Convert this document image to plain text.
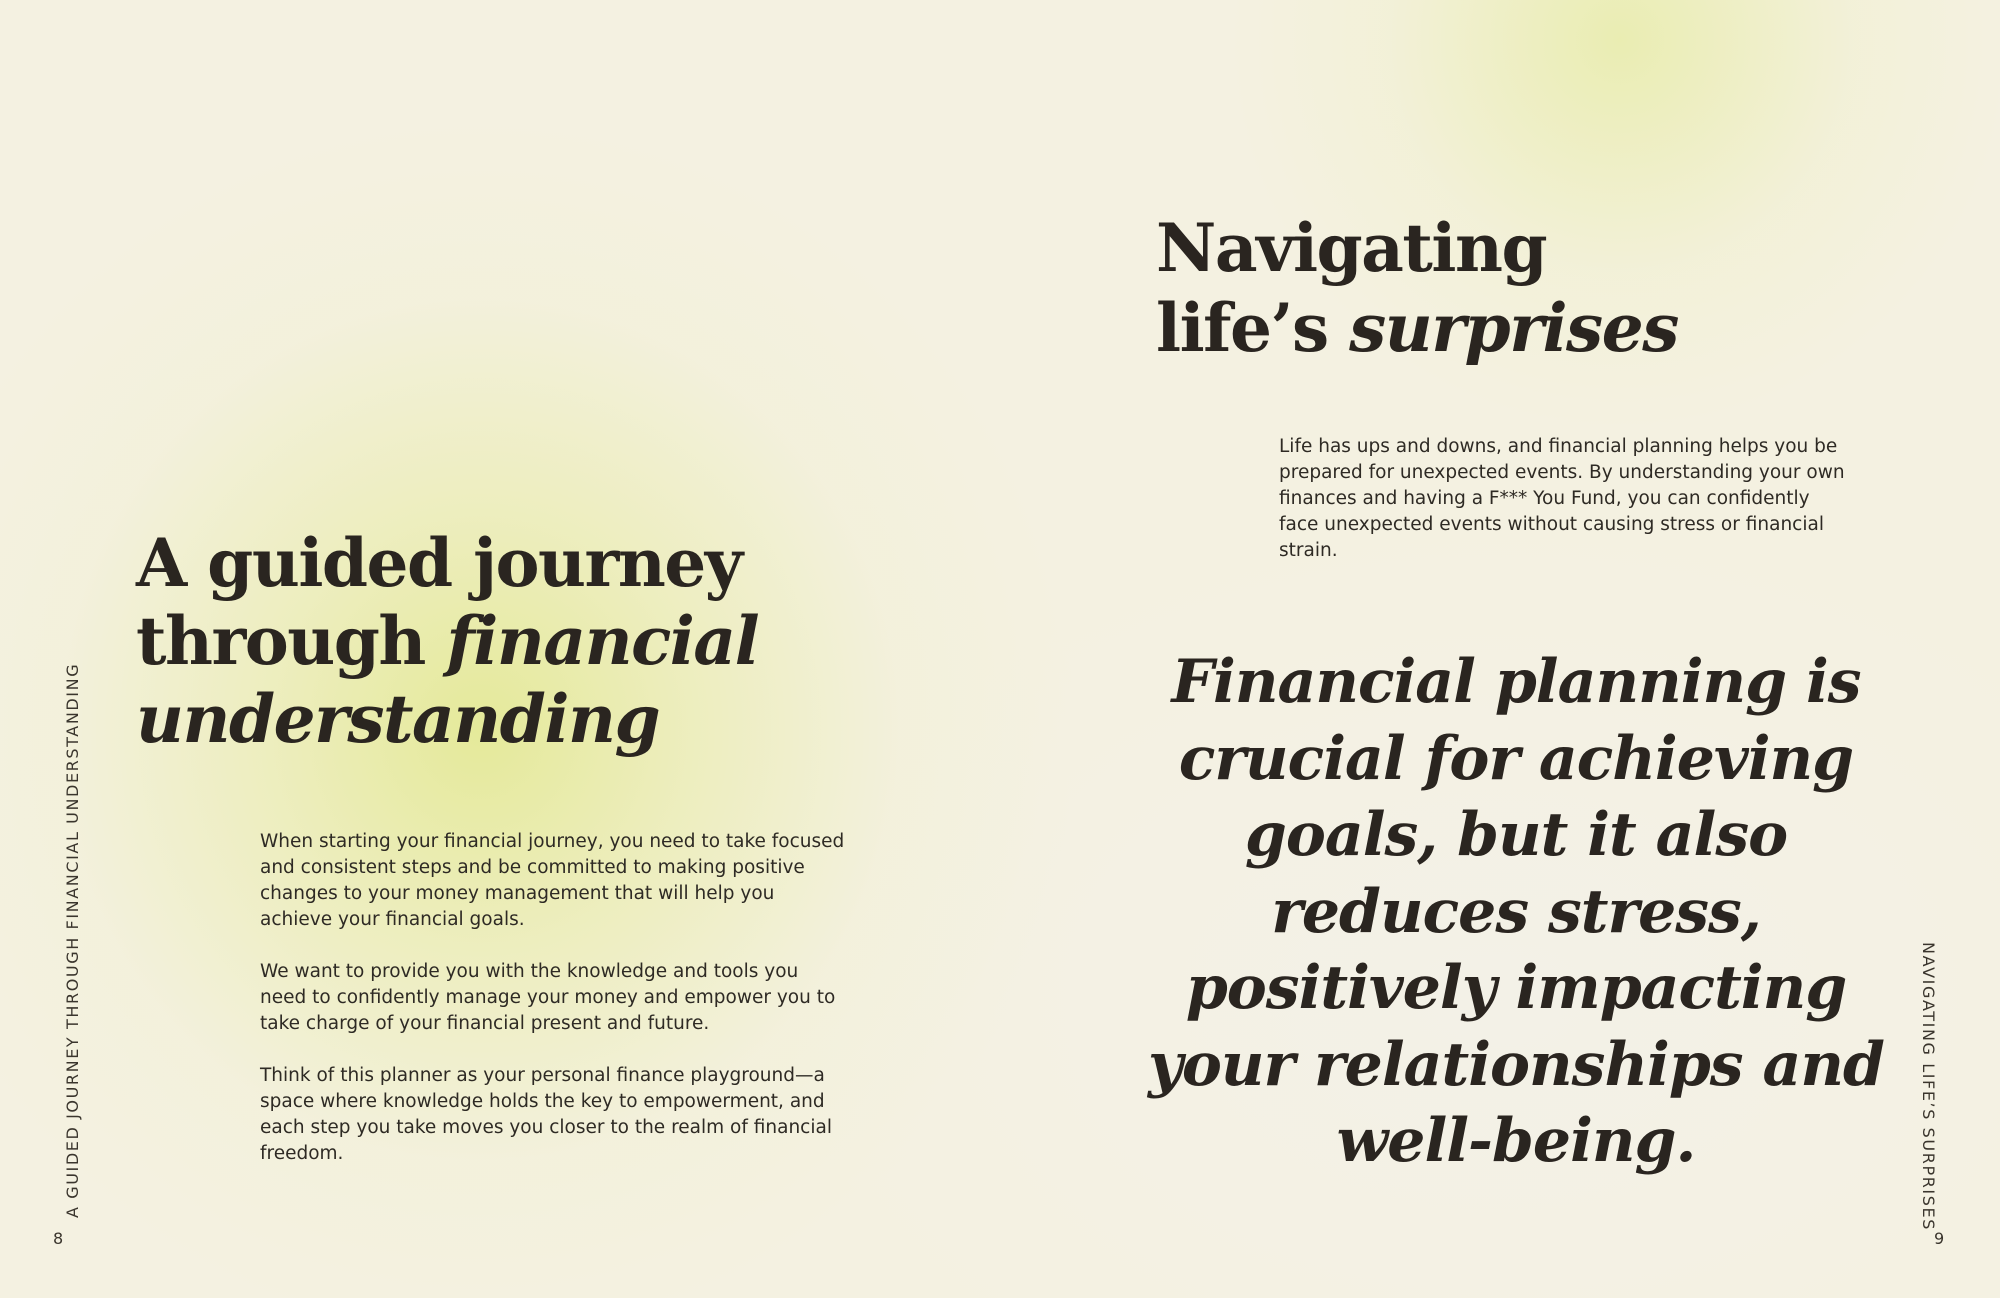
A guided journey
through financial
understanding

When starting your financial journey, you need to take focused and consistent steps and be committed to making positive changes to your money management that will help you achieve your financial goals.

We want to provide you with the knowledge and tools you need to confidently manage your money and empower you to take charge of your financial present and future.

Think of this planner as your personal finance playground—a space where knowledge holds the key to empowerment, and each step you take moves you closer to the realm of financial freedom.

A GUIDED JOURNEY THROUGH FINANCIAL UNDERSTANDING
8
Navigating
life’s surprises

Life has ups and downs, and financial planning helps you be prepared for unexpected events. By understanding your own finances and having a F*** You Fund, you can confidently face unexpected events without causing stress or financial strain.

Financial planning is crucial for achieving goals, but it also reduces stress, positively impacting your relationships and well-being.	NAVIGATING LIFE’S SURPRISES
9
